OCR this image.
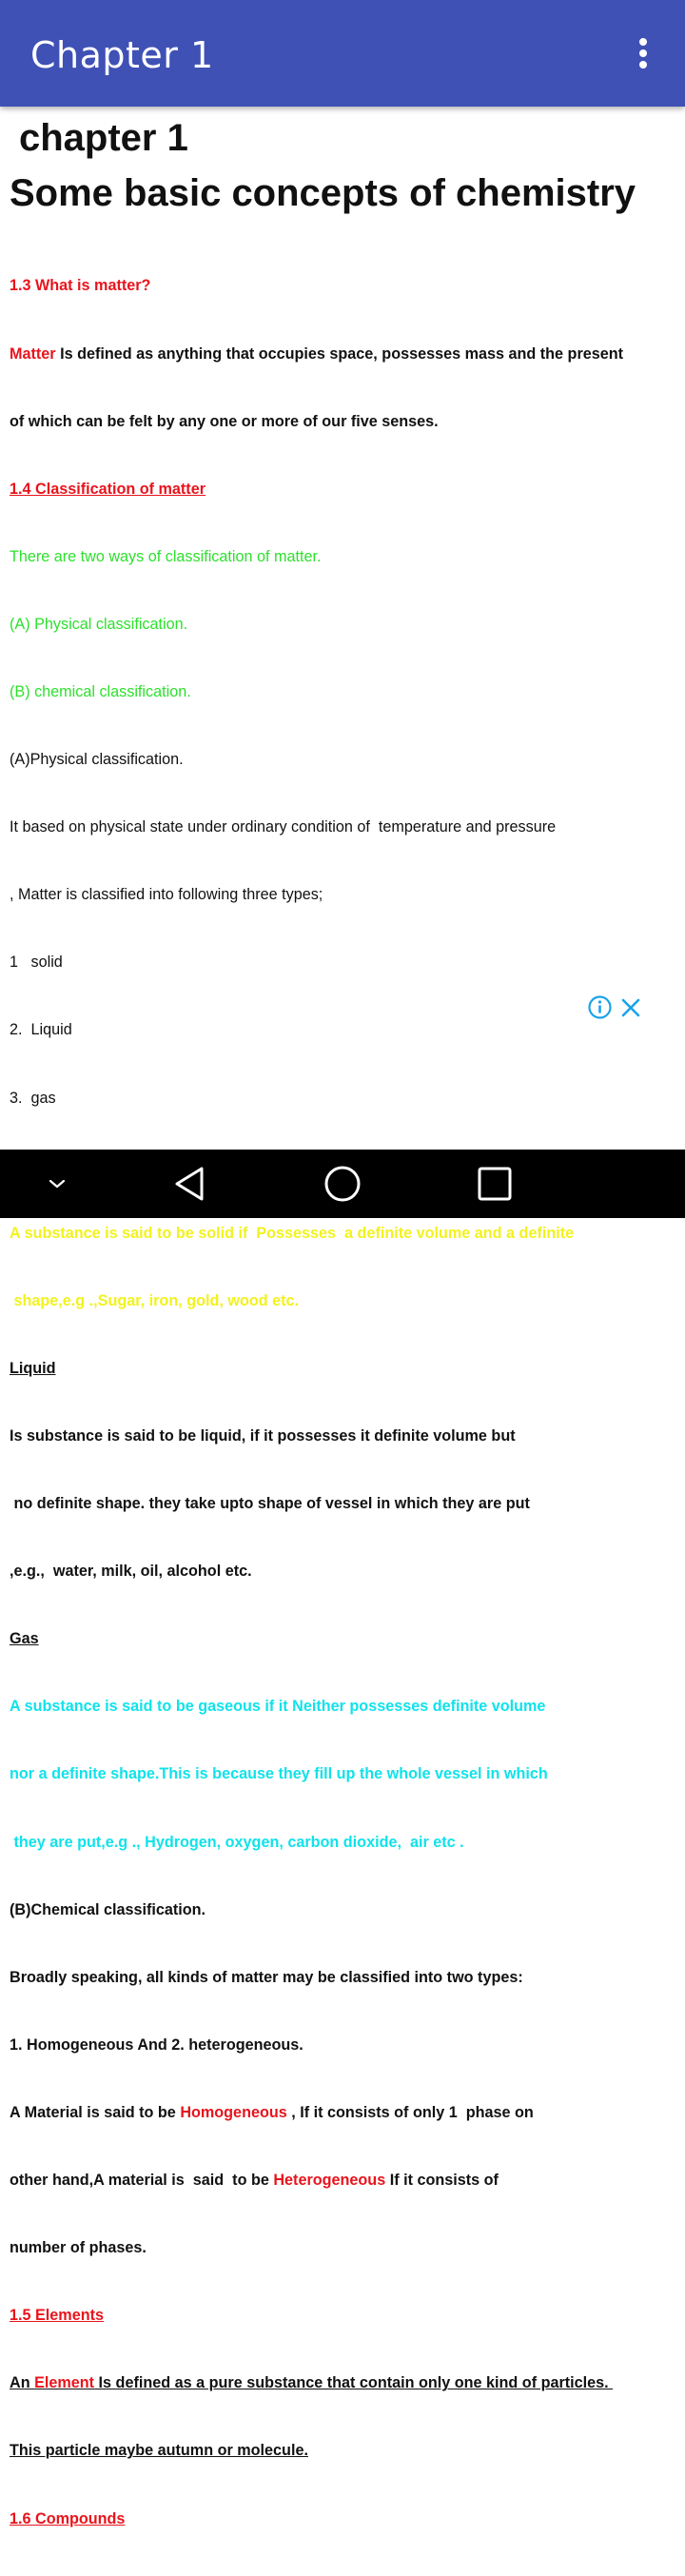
Chapter 1
chapter 1
Some basic concepts of chemistry

1.3 What is matter?

Matter Is defined as anything that occupies space, possesses mass and the present

of which can be felt by any one or more of our five senses.

1.4 Classification of matter

There are two ways of classification of matter.

(A) Physical classification.

(B) chemical classification.

(A)Physical classification.

It based on physical state under ordinary condition of  temperature and pressure

, Matter is classified into following three types;

1   solid

2.  Liquid

3.  gas

A substance is said to be solid if  Possesses  a definite volume and a definite

shape,e.g .,Sugar, iron, gold, wood etc.

Liquid

Is substance is said to be liquid, if it possesses it definite volume but

no definite shape. they take upto shape of vessel in which they are put

,e.g.,  water, milk, oil, alcohol etc.

Gas

A substance is said to be gaseous if it Neither possesses definite volume

nor a definite shape.This is because they fill up the whole vessel in which

they are put,e.g ., Hydrogen, oxygen, carbon dioxide,  air etc .

(B)Chemical classification.

Broadly speaking, all kinds of matter may be classified into two types:

1. Homogeneous And 2. heterogeneous.

A Material is said to be Homogeneous , If it consists of only 1  phase on

other hand,A material is  said  to be Heterogeneous If it consists of

number of phases.

1.5 Elements

An Element Is defined as a pure substance that contain only one kind of particles.

This particle maybe autumn or molecule.

1.6 Compounds
